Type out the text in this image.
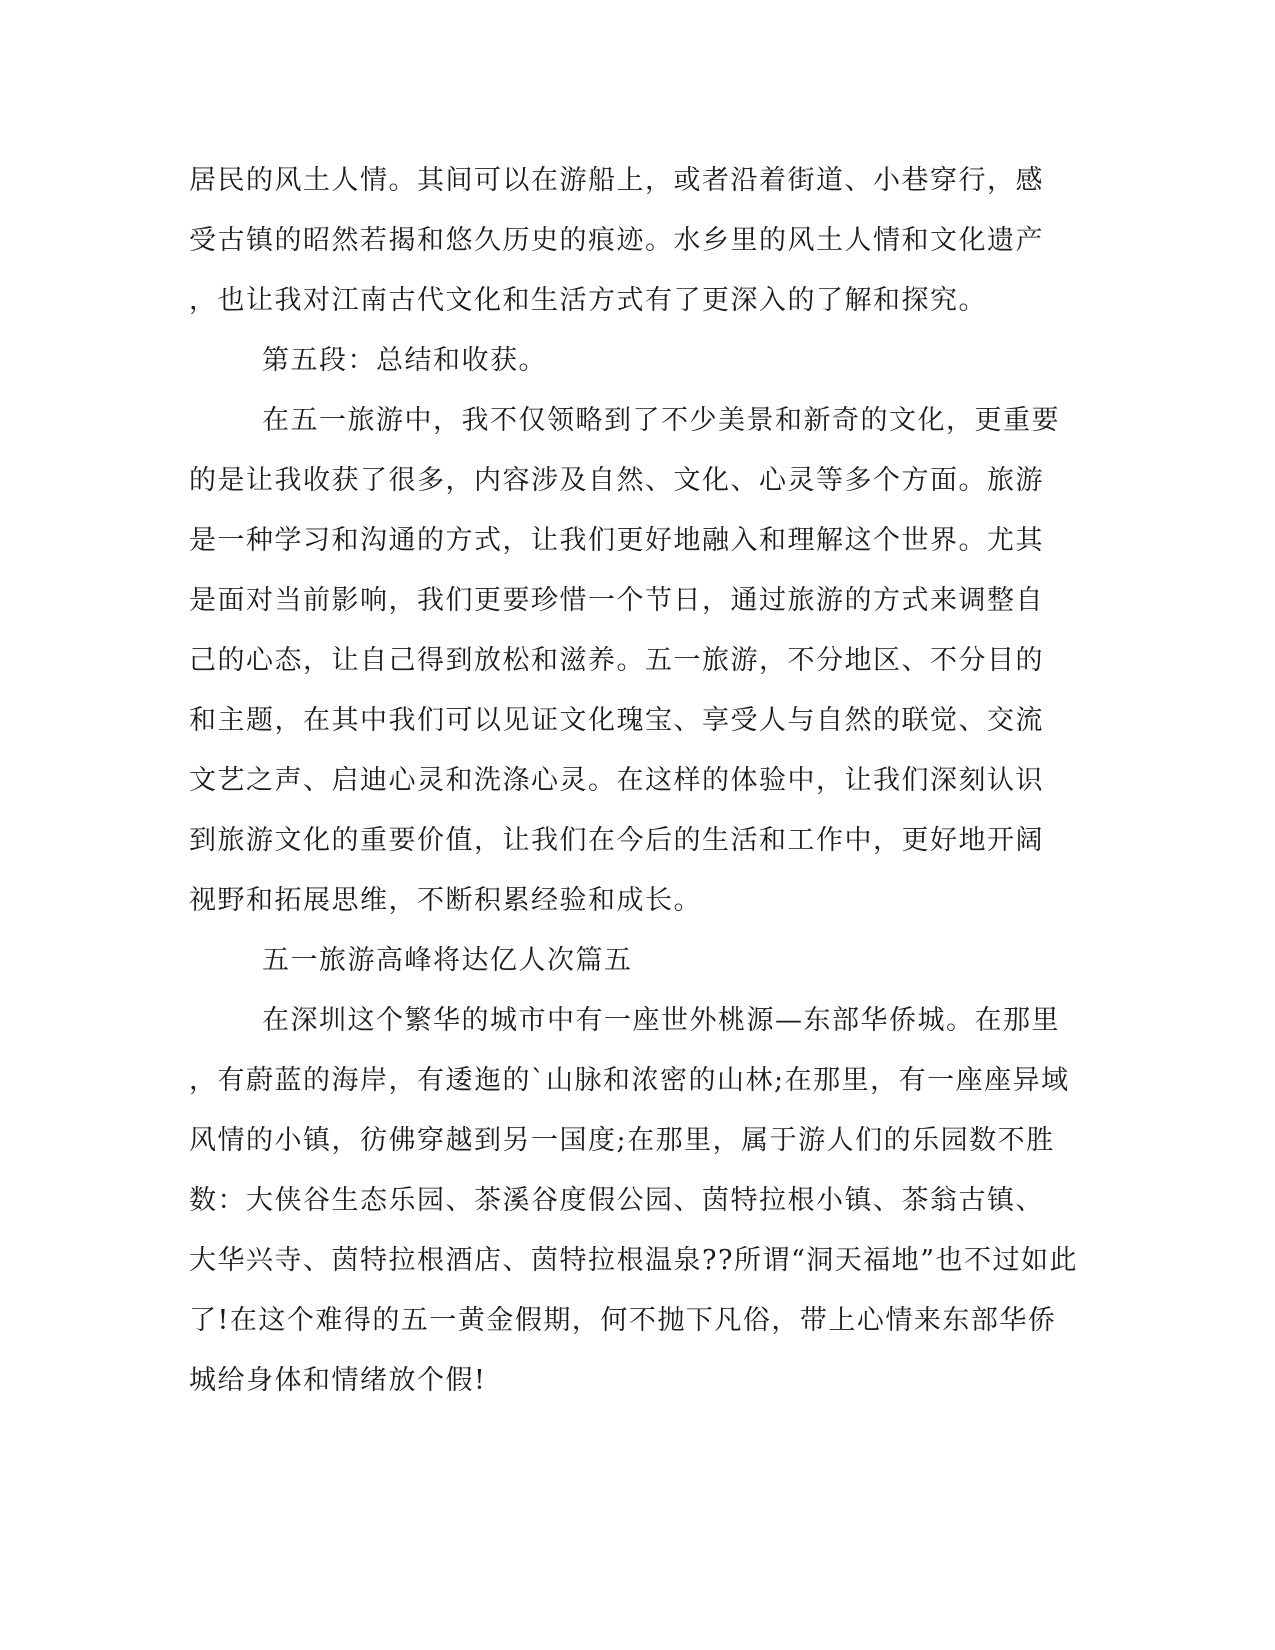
居民的风土人情。其间可以在游船上，或者沿着街道、小巷穿行，感
受古镇的昭然若揭和悠久历史的痕迹。水乡里的风土人情和文化遗产
，也让我对江南古代文化和生活方式有了更深入的了解和探究。
第五段：总结和收获。
在五一旅游中，我不仅领略到了不少美景和新奇的文化，更重要
的是让我收获了很多，内容涉及自然、文化、心灵等多个方面。旅游
是一种学习和沟通的方式，让我们更好地融入和理解这个世界。尤其
是面对当前影响，我们更要珍惜一个节日，通过旅游的方式来调整自
己的心态，让自己得到放松和滋养。五一旅游，不分地区、不分目的
和主题，在其中我们可以见证文化瑰宝、享受人与自然的联觉、交流
文艺之声、启迪心灵和洗涤心灵。在这样的体验中，让我们深刻认识
到旅游文化的重要价值，让我们在今后的生活和工作中，更好地开阔
视野和拓展思维，不断积累经验和成长。
五一旅游高峰将达亿人次篇五
在深圳这个繁华的城市中有一座世外桃源—东部华侨城。在那里
，有蔚蓝的海岸，有逶迤的`山脉和浓密的山林;在那里，有一座座异域
风情的小镇，彷佛穿越到另一国度;在那里，属于游人们的乐园数不胜
数：大侠谷生态乐园、茶溪谷度假公园、茵特拉根小镇、茶翁古镇、
大华兴寺、茵特拉根酒店、茵特拉根温泉??所谓“洞天福地”也不过如此
了!在这个难得的五一黄金假期，何不抛下凡俗，带上心情来东部华侨
城给身体和情绪放个假!
